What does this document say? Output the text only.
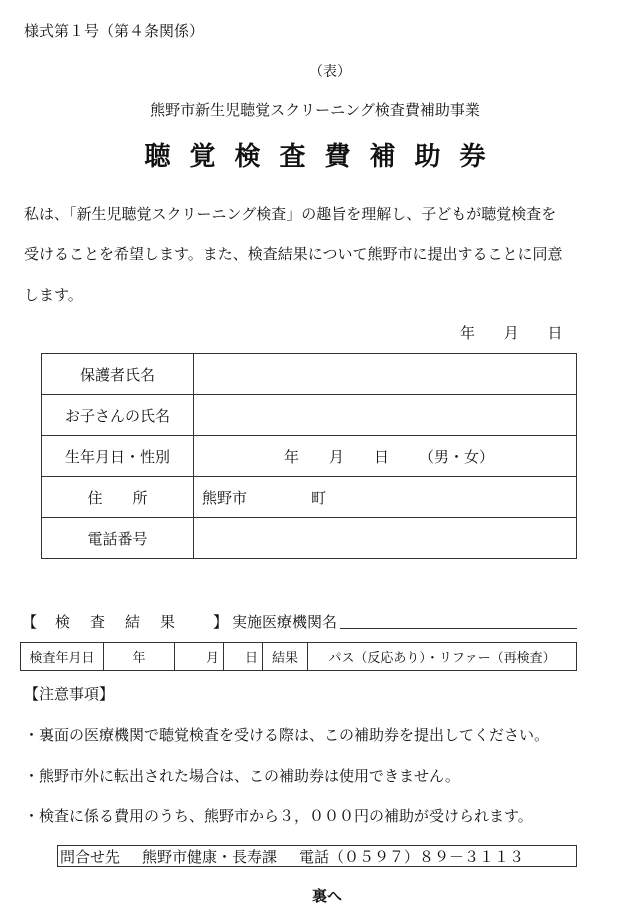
様式第１号（第４条関係）
（表）
熊野市新生児聴覚スクリーニング検査費補助事業
聴覚検査費補助券
私は、「新生児聴覚スクリーニング検査」の趣旨を理解し、子どもが聴覚検査を
受けることを希望します。また、検査結果について熊野市に提出することに同意
します。
年 月 日
保護者氏名	
お子さんの氏名	
生年月日・性別	年 月 日 （男・女）

住　　所	熊野市 町
電話番号	
【 検査結果 】 実施医療機関名
検査年月日	年	月	日	結果	パス（反応あり）・リファー（再検査）
【注意事項】
・裏面の医療機関で聴覚検査を受ける際は、この補助券を提出してください。
・熊野市外に転出された場合は、この補助券は使用できません。
・検査に係る費用のうち、熊野市から３，０００円の補助が受けられます。
問合せ先 熊野市健康・長寿課 電話（０５９７）８９－３１１３
裏へ
